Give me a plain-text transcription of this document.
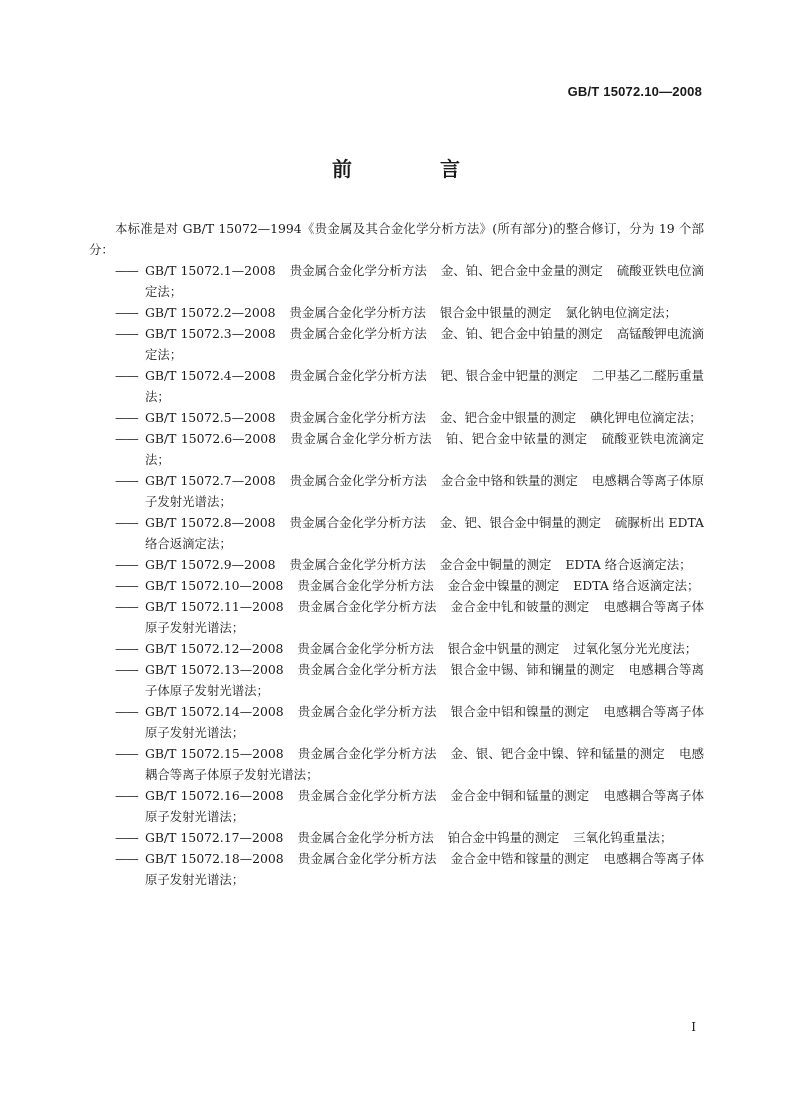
GB/T 15072.10—2008
前　言

本标准是对 GB/T 15072—1994《贵金属及其合金化学分析方法》(所有部分)的整合修订，分为 19 个部分：

—— GB/T 15072.1—2008 贵金属合金化学分析方法 金、铂、钯合金中金量的测定 硫酸亚铁电位滴定法；
—— GB/T 15072.2—2008 贵金属合金化学分析方法 银合金中银量的测定 氯化钠电位滴定法；
—— GB/T 15072.3—2008 贵金属合金化学分析方法 金、铂、钯合金中铂量的测定 高锰酸钾电流滴定法；
—— GB/T 15072.4—2008 贵金属合金化学分析方法 钯、银合金中钯量的测定 二甲基乙二醛肟重量法；
—— GB/T 15072.5—2008 贵金属合金化学分析方法 金、钯合金中银量的测定 碘化钾电位滴定法；
—— GB/T 15072.6—2008 贵金属合金化学分析方法 铂、钯合金中铱量的测定 硫酸亚铁电流滴定法；
—— GB/T 15072.7—2008 贵金属合金化学分析方法 金合金中铬和铁量的测定 电感耦合等离子体原子发射光谱法；
—— GB/T 15072.8—2008 贵金属合金化学分析方法 金、钯、银合金中铜量的测定 硫脲析出 EDTA 络合返滴定法；
—— GB/T 15072.9—2008 贵金属合金化学分析方法 金合金中铜量的测定 EDTA 络合返滴定法；
—— GB/T 15072.10—2008 贵金属合金化学分析方法 金合金中镍量的测定 EDTA 络合返滴定法；
—— GB/T 15072.11—2008 贵金属合金化学分析方法 金合金中钆和铍量的测定 电感耦合等离子体原子发射光谱法；
—— GB/T 15072.12—2008 贵金属合金化学分析方法 银合金中钒量的测定 过氧化氢分光光度法；
—— GB/T 15072.13—2008 贵金属合金化学分析方法 银合金中锡、铈和镧量的测定 电感耦合等离子体原子发射光谱法；
—— GB/T 15072.14—2008 贵金属合金化学分析方法 银合金中铝和镍量的测定 电感耦合等离子体原子发射光谱法；
—— GB/T 15072.15—2008 贵金属合金化学分析方法 金、银、钯合金中镍、锌和锰量的测定 电感耦合等离子体原子发射光谱法；
—— GB/T 15072.16—2008 贵金属合金化学分析方法 金合金中铜和锰量的测定 电感耦合等离子体原子发射光谱法；
—— GB/T 15072.17—2008 贵金属合金化学分析方法 铂合金中钨量的测定 三氧化钨重量法；
—— GB/T 15072.18—2008 贵金属合金化学分析方法 金合金中锆和镓量的测定 电感耦合等离子体原子发射光谱法；
I
